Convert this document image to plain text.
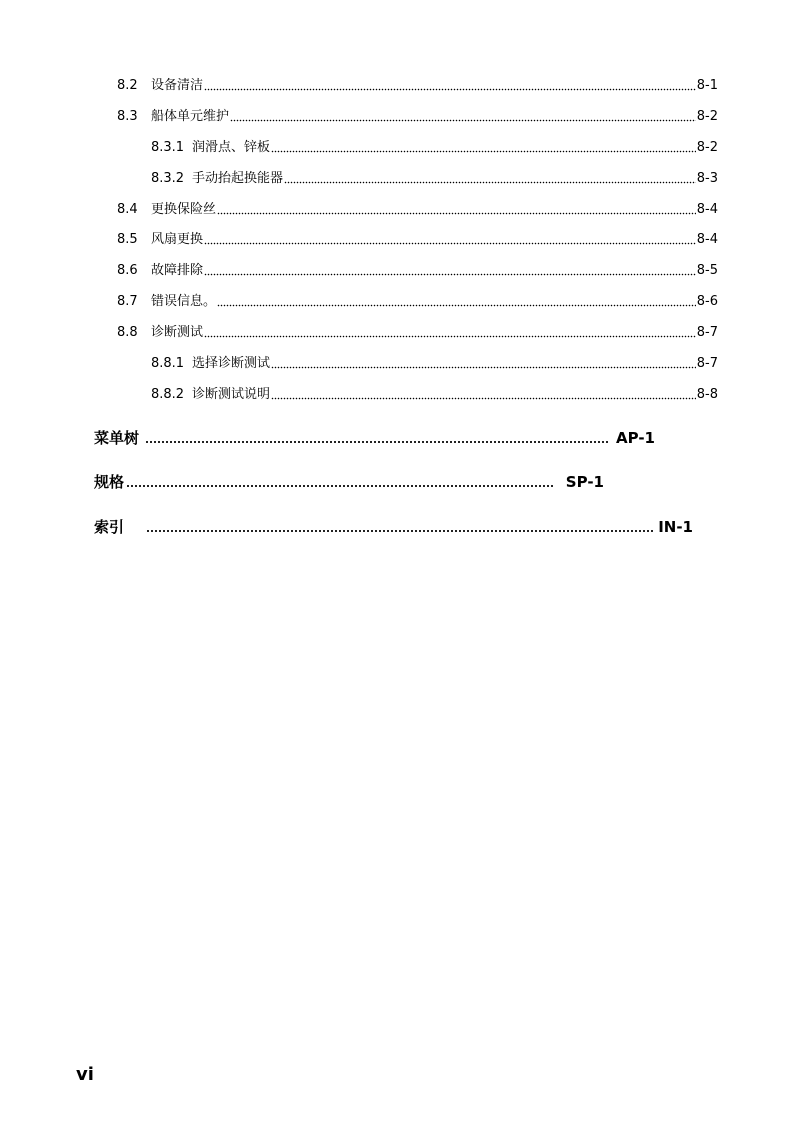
8.2	设备清洁	8-1
8.3	船体单元维护	8-2
8.3.1 润滑点、锌板	8-2
8.3.2 手动抬起换能器	8-3
8.4	更换保险丝	8-4
8.5	风扇更换	8-4
8.6	故障排除	8-5
8.7	错误信息。	8-6
8.8	诊断测试	8-7
8.8.1 选择诊断测试	8-7
8.8.2 诊断测试说明	8-8
菜单树	AP-1
规格	SP-1
索引	IN-1
vi
